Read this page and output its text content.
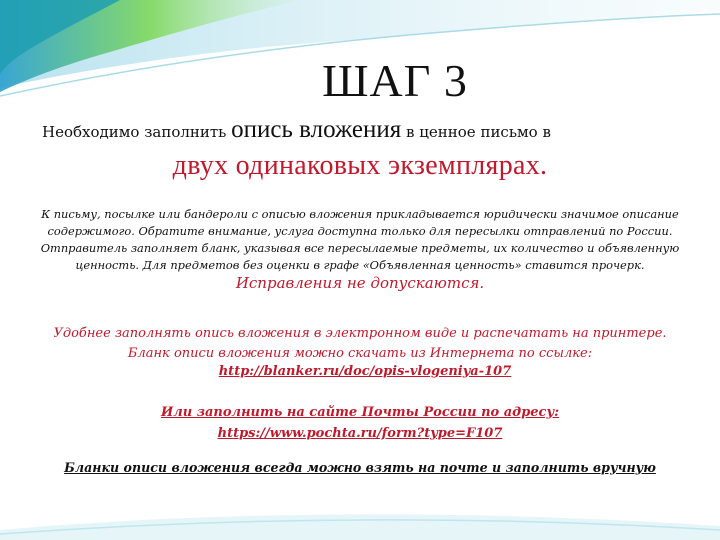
ШАГ 3
Необходимо заполнить опись вложения в ценное письмо в
двух одинаковых экземплярах.
К письму, посылке или бандероли с описью вложения прикладывается юридически значимое описание содержимого. Обратите внимание, услуга доступна только для пересылки отправлений по России. Отправитель заполняет бланк, указывая все пересылаемые предметы, их количество и объявленную ценность. Для предметов без оценки в графе «Объявленная ценность» ставится прочерк.
Исправления не допускаются.
Удобнее заполнять опись вложения в электронном виде и распечатать на принтере.
Бланк описи вложения можно скачать из Интернета по ссылке:
http://blanker.ru/doc/opis-vlogeniya-107
Или заполнить на сайте Почты России по адресу:
https://www.pochta.ru/form?type=F107
Бланки описи вложения всегда можно взять на почте и заполнить вручную
